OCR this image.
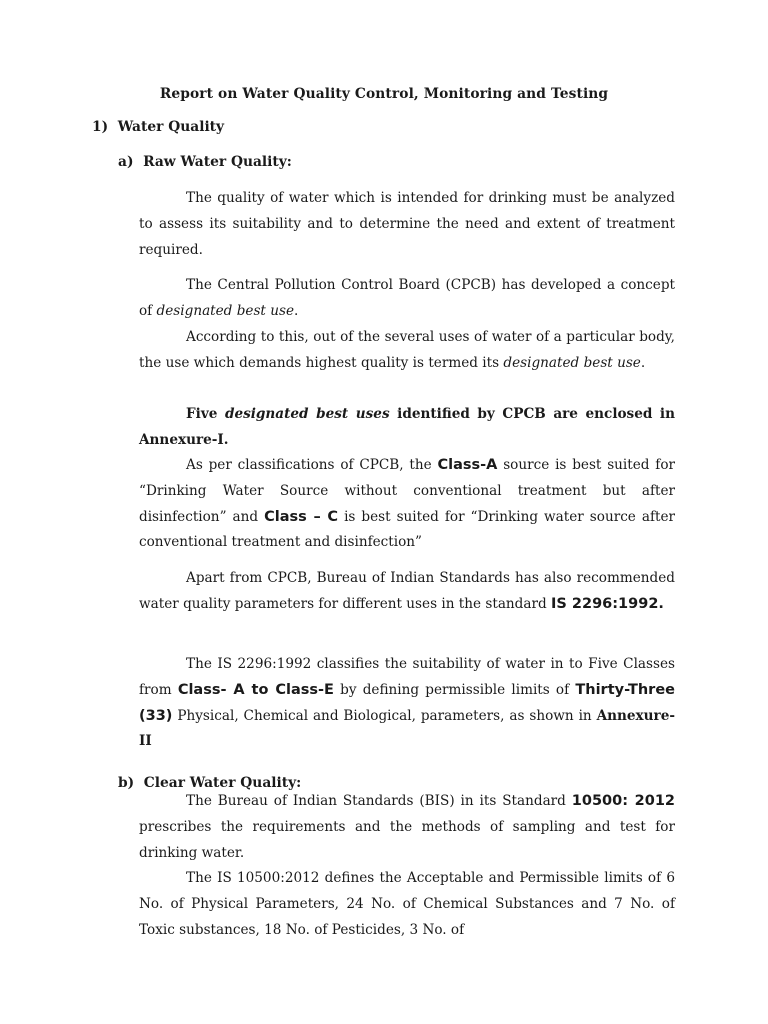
Report on Water Quality Control, Monitoring and Testing
1) Water Quality
a) Raw Water Quality:

The quality of water which is intended for drinking must be analyzed to assess its suitability and to determine the need and extent of treatment required.

The Central Pollution Control Board (CPCB) has developed a concept of designated best use.

According to this, out of the several uses of water of a particular body, the use which demands highest quality is termed its designated best use.

Five designated best uses identified by CPCB are enclosed in Annexure-I.

As per classifications of CPCB, the Class-A source is best suited for “Drinking Water Source without conventional treatment but after disinfection” and Class – C is best suited for “Drinking water source after conventional treatment and disinfection”

Apart from CPCB, Bureau of Indian Standards has also recommended water quality parameters for different uses in the standard IS 2296:1992.

The IS 2296:1992 classifies the suitability of water in to Five Classes from Class- A to Class-E by defining permissible limits of Thirty-Three (33) Physical, Chemical and Biological, parameters, as shown in Annexure-II

b) Clear Water Quality:

The Bureau of Indian Standards (BIS) in its Standard 10500: 2012 prescribes the requirements and the methods of sampling and test for drinking water.

The IS 10500:2012 defines the Acceptable and Permissible limits of 6 No. of Physical Parameters, 24 No. of Chemical Substances and 7 No. of Toxic substances, 18 No. of Pesticides, 3 No. of
